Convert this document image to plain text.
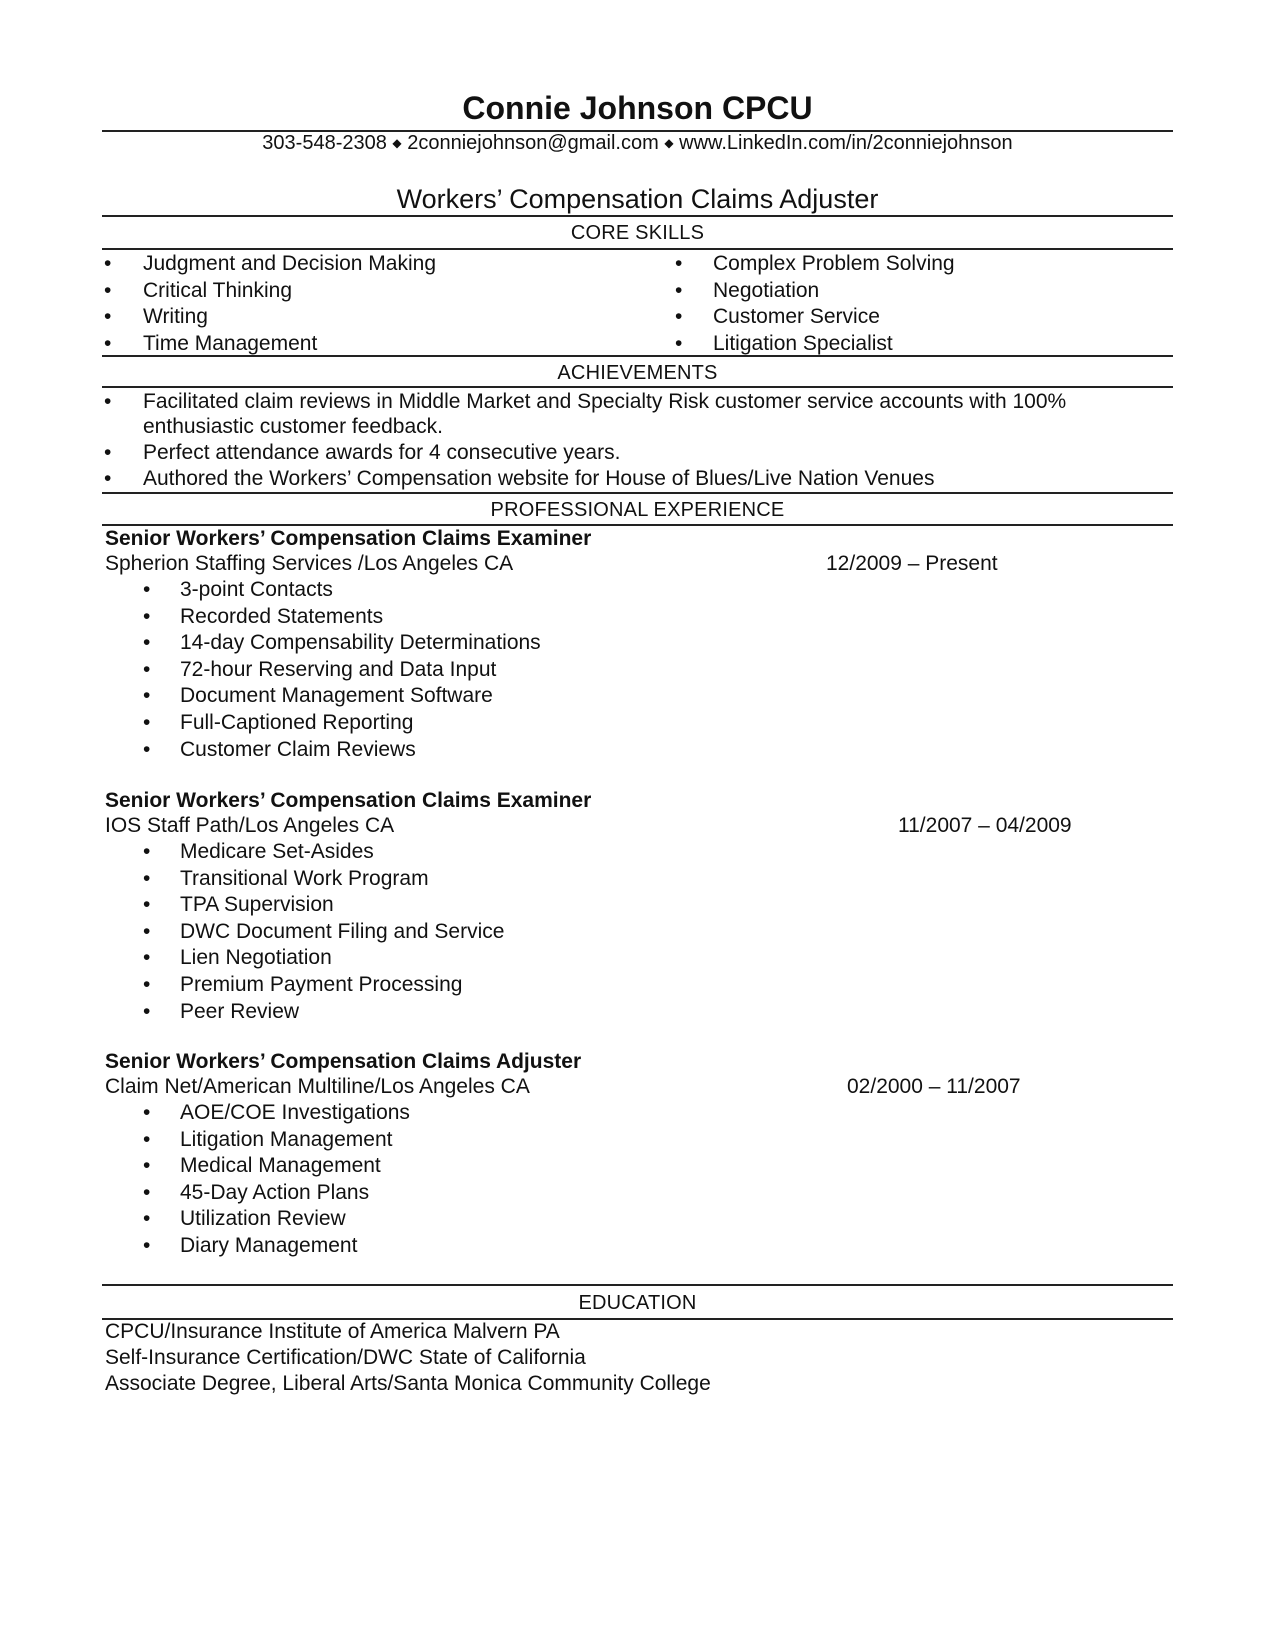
Connie Johnson CPCU
303-548-2308 ◆ 2conniejohnson@gmail.com ◆ www.LinkedIn.com/in/2conniejohnson
Workers’ Compensation Claims Adjuster
CORE SKILLS
• Judgment and Decision Making
• Critical Thinking
• Writing
• Time Management
• Complex Problem Solving
• Negotiation
• Customer Service
• Litigation Specialist
ACHIEVEMENTS
• Facilitated claim reviews in Middle Market and Specialty Risk customer service accounts with 100%
enthusiastic customer feedback.
• Perfect attendance awards for 4 consecutive years.
• Authored the Workers’ Compensation website for House of Blues/Live Nation Venues
PROFESSIONAL EXPERIENCE
Senior Workers’ Compensation Claims Examiner
Spherion Staffing Services /Los Angeles CA	12/2009 – Present
• 3-point Contacts
• Recorded Statements
• 14-day Compensability Determinations
• 72-hour Reserving and Data Input
• Document Management Software
• Full-Captioned Reporting
• Customer Claim Reviews
Senior Workers’ Compensation Claims Examiner
IOS Staff Path/Los Angeles CA	11/2007 – 04/2009
• Medicare Set-Asides
• Transitional Work Program
• TPA Supervision
• DWC Document Filing and Service
• Lien Negotiation
• Premium Payment Processing
• Peer Review
Senior Workers’ Compensation Claims Adjuster
Claim Net/American Multiline/Los Angeles CA	02/2000 – 11/2007
• AOE/COE Investigations
• Litigation Management
• Medical Management
• 45-Day Action Plans
• Utilization Review
• Diary Management
EDUCATION
CPCU/Insurance Institute of America Malvern PA
Self-Insurance Certification/DWC State of California
Associate Degree, Liberal Arts/Santa Monica Community College
